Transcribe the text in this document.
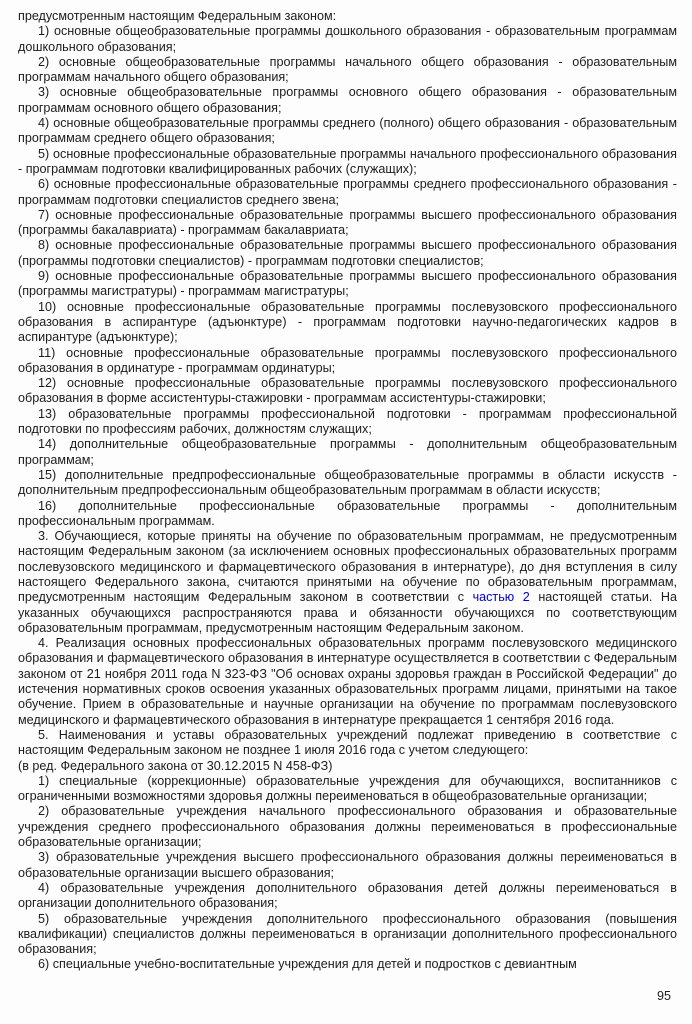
предусмотренным настоящим Федеральным законом:

1) основные общеобразовательные программы дошкольного образования - образовательным программам дошкольного образования;

2) основные общеобразовательные программы начального общего образования - образовательным программам начального общего образования;

3) основные общеобразовательные программы основного общего образования - образовательным программам основного общего образования;

4) основные общеобразовательные программы среднего (полного) общего образования - образовательным программам среднего общего образования;

5) основные профессиональные образовательные программы начального профессионального образования - программам подготовки квалифицированных рабочих (служащих);

6) основные профессиональные образовательные программы среднего профессионального образования - программам подготовки специалистов среднего звена;

7) основные профессиональные образовательные программы высшего профессионального образования (программы бакалавриата) - программам бакалавриата;

8) основные профессиональные образовательные программы высшего профессионального образования (программы подготовки специалистов) - программам подготовки специалистов;

9) основные профессиональные образовательные программы высшего профессионального образования (программы магистратуры) - программам магистратуры;

10) основные профессиональные образовательные программы послевузовского профессионального образования в аспирантуре (адъюнктуре) - программам подготовки научно-педагогических кадров в аспирантуре (адъюнктуре);

11) основные профессиональные образовательные программы послевузовского профессионального образования в ординатуре - программам ординатуры;

12) основные профессиональные образовательные программы послевузовского профессионального образования в форме ассистентуры-стажировки - программам ассистентуры-стажировки;

13) образовательные программы профессиональной подготовки - программам профессиональной подготовки по профессиям рабочих, должностям служащих;

14) дополнительные общеобразовательные программы - дополнительным общеобразовательным программам;

15) дополнительные предпрофессиональные общеобразовательные программы в области искусств - дополнительным предпрофессиональным общеобразовательным программам в области искусств;

16) дополнительные профессиональные образовательные программы - дополнительным профессиональным программам.

3. Обучающиеся, которые приняты на обучение по образовательным программам, не предусмотренным настоящим Федеральным законом (за исключением основных профессиональных образовательных программ послевузовского медицинского и фармацевтического образования в интернатуре), до дня вступления в силу настоящего Федерального закона, считаются принятыми на обучение по образовательным программам, предусмотренным настоящим Федеральным законом в соответствии с частью 2 настоящей статьи. На указанных обучающихся распространяются права и обязанности обучающихся по соответствующим образовательным программам, предусмотренным настоящим Федеральным законом.

4. Реализация основных профессиональных образовательных программ послевузовского медицинского образования и фармацевтического образования в интернатуре осуществляется в соответствии с Федеральным законом от 21 ноября 2011 года N 323-ФЗ "Об основах охраны здоровья граждан в Российской Федерации" до истечения нормативных сроков освоения указанных образовательных программ лицами, принятыми на такое обучение. Прием в образовательные и научные организации на обучение по программам послевузовского медицинского и фармацевтического образования в интернатуре прекращается 1 сентября 2016 года.

5. Наименования и уставы образовательных учреждений подлежат приведению в соответствие с настоящим Федеральным законом не позднее 1 июля 2016 года с учетом следующего:

(в ред. Федерального закона от 30.12.2015 N 458-ФЗ)

1) специальные (коррекционные) образовательные учреждения для обучающихся, воспитанников с ограниченными возможностями здоровья должны переименоваться в общеобразовательные организации;

2) образовательные учреждения начального профессионального образования и образовательные учреждения среднего профессионального образования должны переименоваться в профессиональные образовательные организации;

3) образовательные учреждения высшего профессионального образования должны переименоваться в образовательные организации высшего образования;

4) образовательные учреждения дополнительного образования детей должны переименоваться в организации дополнительного образования;

5) образовательные учреждения дополнительного профессионального образования (повышения квалификации) специалистов должны переименоваться в организации дополнительного профессионального образования;

6) специальные учебно-воспитательные учреждения для детей и подростков с девиантным

95
